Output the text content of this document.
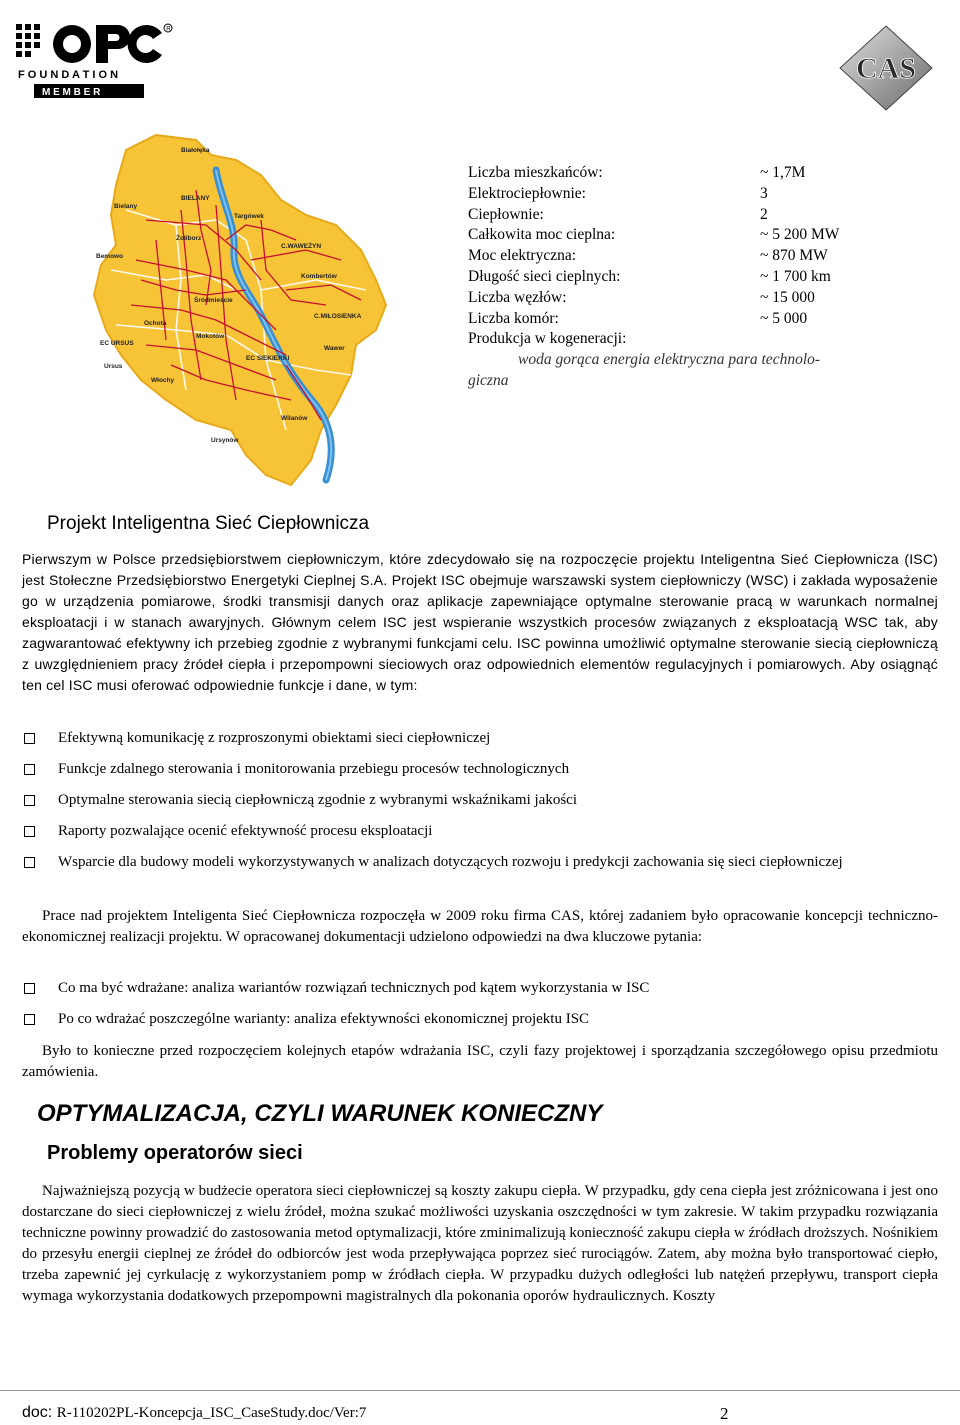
R
F O U N D A T I O N
M E M B E R
CAS
Białołęka
Bielany
BIELANY
Żoliborz
Targówek
Bemowo
C.WAWEŻYN
Kombertów
Śródmieście
Ochota
C.MIŁOSIENKA
EC URSUS
Mokotów
EC SIEKIERKI
Wawer
Ursus
Włochy
Wilanów
Ursynów
Liczba mieszkańców:	~ 1,7M
Elektrociepłownie:	3
Ciepłownie:	2
Całkowita moc cieplna:	~ 5 200 MW
Moc elektryczna:	~ 870 MW
Długość sieci cieplnych:	~ 1 700 km
Liczba węzłów:	~ 15 000
Liczba komór:	~ 5 000
Produkcja w kogeneracji:
woda gorąca energia elektryczna para technolo-
giczna
Projekt Inteligentna Sieć Ciepłownicza
Pierwszym w Polsce przedsiębiorstwem ciepłowniczym, które zdecydowało się na rozpoczęcie projektu Inteligentna Sieć Ciepłownicza (ISC) jest Stołeczne Przedsiębiorstwo Energetyki Cieplnej S.A. Projekt ISC obejmuje warszawski system ciepłowniczy (WSC) i zakłada wyposażenie go w urządzenia pomiarowe, środki transmisji danych oraz aplikacje zapewniające optymalne sterowanie pracą w warunkach normalnej eksploatacji i w stanach awaryjnych. Głównym celem ISC jest wspieranie wszystkich procesów związanych z eksploatacją WSC tak, aby zagwarantować efektywny ich przebieg zgodnie z wybranymi funkcjami celu. ISC powinna umożliwić optymalne sterowanie siecią ciepłowniczą z uwzględnieniem pracy źródeł ciepła i przepompowni sieciowych oraz odpowiednich elementów regulacyjnych i pomiarowych. Aby osiągnąć ten cel ISC musi oferować odpowiednie funkcje i dane, w tym:
Efektywną komunikację z rozproszonymi obiektami sieci ciepłowniczej
Funkcje zdalnego sterowania i monitorowania przebiegu procesów technologicznych
Optymalne sterowania siecią ciepłowniczą zgodnie z wybranymi wskaźnikami jakości
Raporty pozwalające ocenić efektywność procesu eksploatacji
Wsparcie dla budowy modeli wykorzystywanych w analizach dotyczących rozwoju i predykcji zachowania się sieci ciepłowniczej
Prace nad projektem Inteligenta Sieć Ciepłownicza rozpoczęła w 2009 roku firma CAS, której zadaniem było opracowanie koncepcji techniczno-ekonomicznej realizacji projektu. W opracowanej dokumentacji udzielono odpowiedzi na dwa kluczowe pytania:
Co ma być wdrażane: analiza wariantów rozwiązań technicznych pod kątem wykorzystania w ISC
Po co wdrażać poszczególne warianty: analiza efektywności ekonomicznej projektu ISC
Było to konieczne przed rozpoczęciem kolejnych etapów wdrażania ISC, czyli fazy projektowej i sporządzania szczegółowego opisu przedmiotu zamówienia.
OPTYMALIZACJA, CZYLI WARUNEK KONIECZNY
Problemy operatorów sieci
Najważniejszą pozycją w budżecie operatora sieci ciepłowniczej są koszty zakupu ciepła. W przypadku, gdy cena ciepła jest zróżnicowana i jest ono dostarczane do sieci ciepłowniczej z wielu źródeł, można szukać możliwości uzyskania oszczędności w tym zakresie. W takim przypadku rozwiązania techniczne powinny prowadzić do zastosowania metod optymalizacji, które zminimalizują konieczność zakupu ciepła w źródłach droższych. Nośnikiem do przesyłu energii cieplnej ze źródeł do odbiorców jest woda przepływająca poprzez sieć rurociągów. Zatem, aby można było transportować ciepło, trzeba zapewnić jej cyrkulację z wykorzystaniem pomp w źródłach ciepła. W przypadku dużych odległości lub natężeń przepływu, transport ciepła wymaga wykorzystania dodatkowych przepompowni magistralnych dla pokonania oporów hydraulicznych. Koszty
doc: R-110202PL-Koncepcja_ISC_CaseStudy.doc/Ver:7	2
